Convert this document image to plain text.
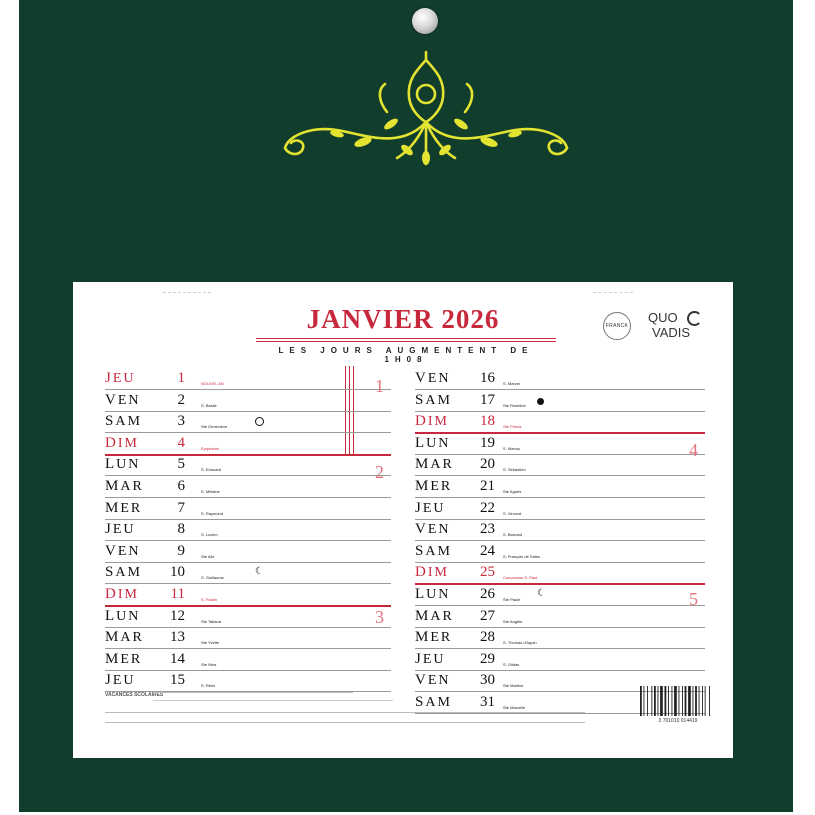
JANVIER 2026
LES JOURS AUGMENTENT DE 1H08
FRANCK
QUO
VADIS
JEU	1	NOUVEL AN
VEN	2	S. Basile
SAM	3	Ste Geneviève
DIM	4	Epiphanie
LUN	5	S. Edouard
MAR	6	S. Mélaine
MER	7	S. Raymond
JEU	8	S. Lucien
VEN	9	Ste Alix
SAM	10	S. Guillaume
☾
DIM	11	S. Paulin
LUN	12	Ste Tatiana
MAR	13	Ste Yvette
MER	14	Ste Nina
JEU	15	S. Rémi
VEN	16 S. Marcel
SAM	17 Ste Roseline
DIM	18 Ste Prisca
LUN	19 S. Marius
MAR	20 S. Sébastien
MER	21 Ste Agnès
JEU	22 S. Vincent
VEN	23 S. Barnard
SAM	24 S. François de Sales
DIM	25 Conversion S. Paul
LUN	26 Ste Paule
☾
MAR	27 Ste Angèle
MER	28 S. Thomas d'Aquin
JEU	29 S. Gildas
VEN	30 Ste Martine
SAM	31 Ste Marcelle
1
2
3
4
5
VACANCES SCOLAIRES
3 701010 014419
